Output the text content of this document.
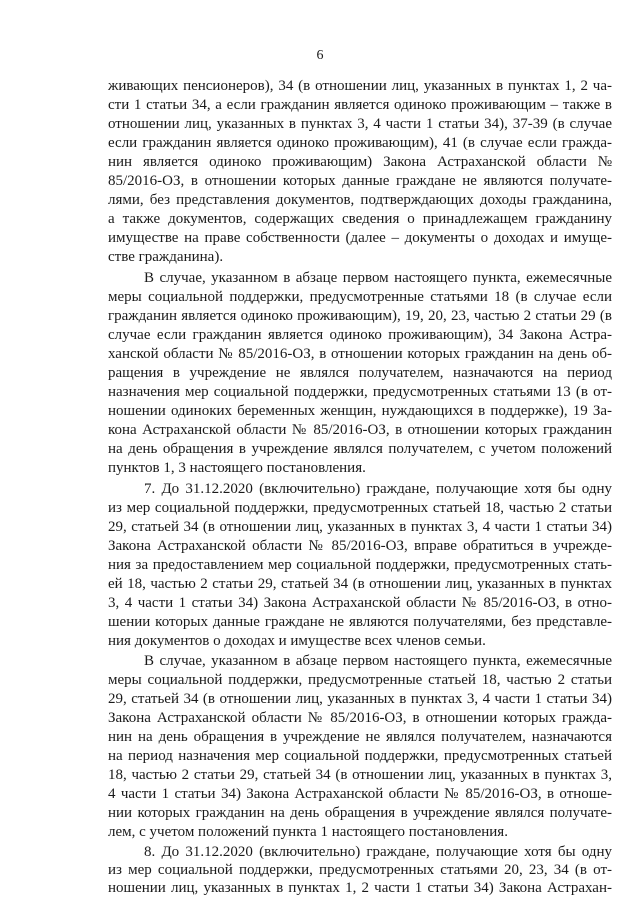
6
живающих пенсионеров), 34 (в отношении лиц, указанных в пунктах 1, 2 ча-
сти 1 статьи 34, а если гражданин является одиноко проживающим – также в
отношении лиц, указанных в пунктах 3, 4 части 1 статьи 34), 37-39 (в случае
если гражданин является одиноко проживающим), 41 (в случае если гражда-
нин является одиноко проживающим) Закона Астраханской области №
85/2016-ОЗ, в отношении которых данные граждане не являются получате-
лями, без представления документов, подтверждающих доходы гражданина,
а также документов, содержащих сведения о принадлежащем гражданину
имуществе на праве собственности (далее – документы о доходах и имуще-
стве гражданина).
В случае, указанном в абзаце первом настоящего пункта, ежемесячные
меры социальной поддержки, предусмотренные статьями 18 (в случае если
гражданин является одиноко проживающим), 19, 20, 23, частью 2 статьи 29 (в
случае если гражданин является одиноко проживающим), 34 Закона Астра-
ханской области № 85/2016-ОЗ, в отношении которых гражданин на день об-
ращения в учреждение не являлся получателем, назначаются на период
назначения мер социальной поддержки, предусмотренных статьями 13 (в от-
ношении одиноких беременных женщин, нуждающихся в поддержке), 19 За-
кона Астраханской области № 85/2016-ОЗ, в отношении которых гражданин
на день обращения в учреждение являлся получателем, с учетом положений
пунктов 1, 3 настоящего постановления.
7. До 31.12.2020 (включительно) граждане, получающие хотя бы одну
из мер социальной поддержки, предусмотренных статьей 18, частью 2 статьи
29, статьей 34 (в отношении лиц, указанных в пунктах 3, 4 части 1 статьи 34)
Закона Астраханской области № 85/2016-ОЗ, вправе обратиться в учрежде-
ния за предоставлением мер социальной поддержки, предусмотренных стать-
ей 18, частью 2 статьи 29, статьей 34 (в отношении лиц, указанных в пунктах
3, 4 части 1 статьи 34) Закона Астраханской области № 85/2016-ОЗ, в отно-
шении которых данные граждане не являются получателями, без представле-
ния документов о доходах и имуществе всех членов семьи.
В случае, указанном в абзаце первом настоящего пункта, ежемесячные
меры социальной поддержки, предусмотренные статьей 18, частью 2 статьи
29, статьей 34 (в отношении лиц, указанных в пунктах 3, 4 части 1 статьи 34)
Закона Астраханской области № 85/2016-ОЗ, в отношении которых гражда-
нин на день обращения в учреждение не являлся получателем, назначаются
на период назначения мер социальной поддержки, предусмотренных статьей
18, частью 2 статьи 29, статьей 34 (в отношении лиц, указанных в пунктах 3,
4 части 1 статьи 34) Закона Астраханской области № 85/2016-ОЗ, в отноше-
нии которых гражданин на день обращения в учреждение являлся получате-
лем, с учетом положений пункта 1 настоящего постановления.
8. До 31.12.2020 (включительно) граждане, получающие хотя бы одну
из мер социальной поддержки, предусмотренных статьями 20, 23, 34 (в от-
ношении лиц, указанных в пунктах 1, 2 части 1 статьи 34) Закона Астрахан-
